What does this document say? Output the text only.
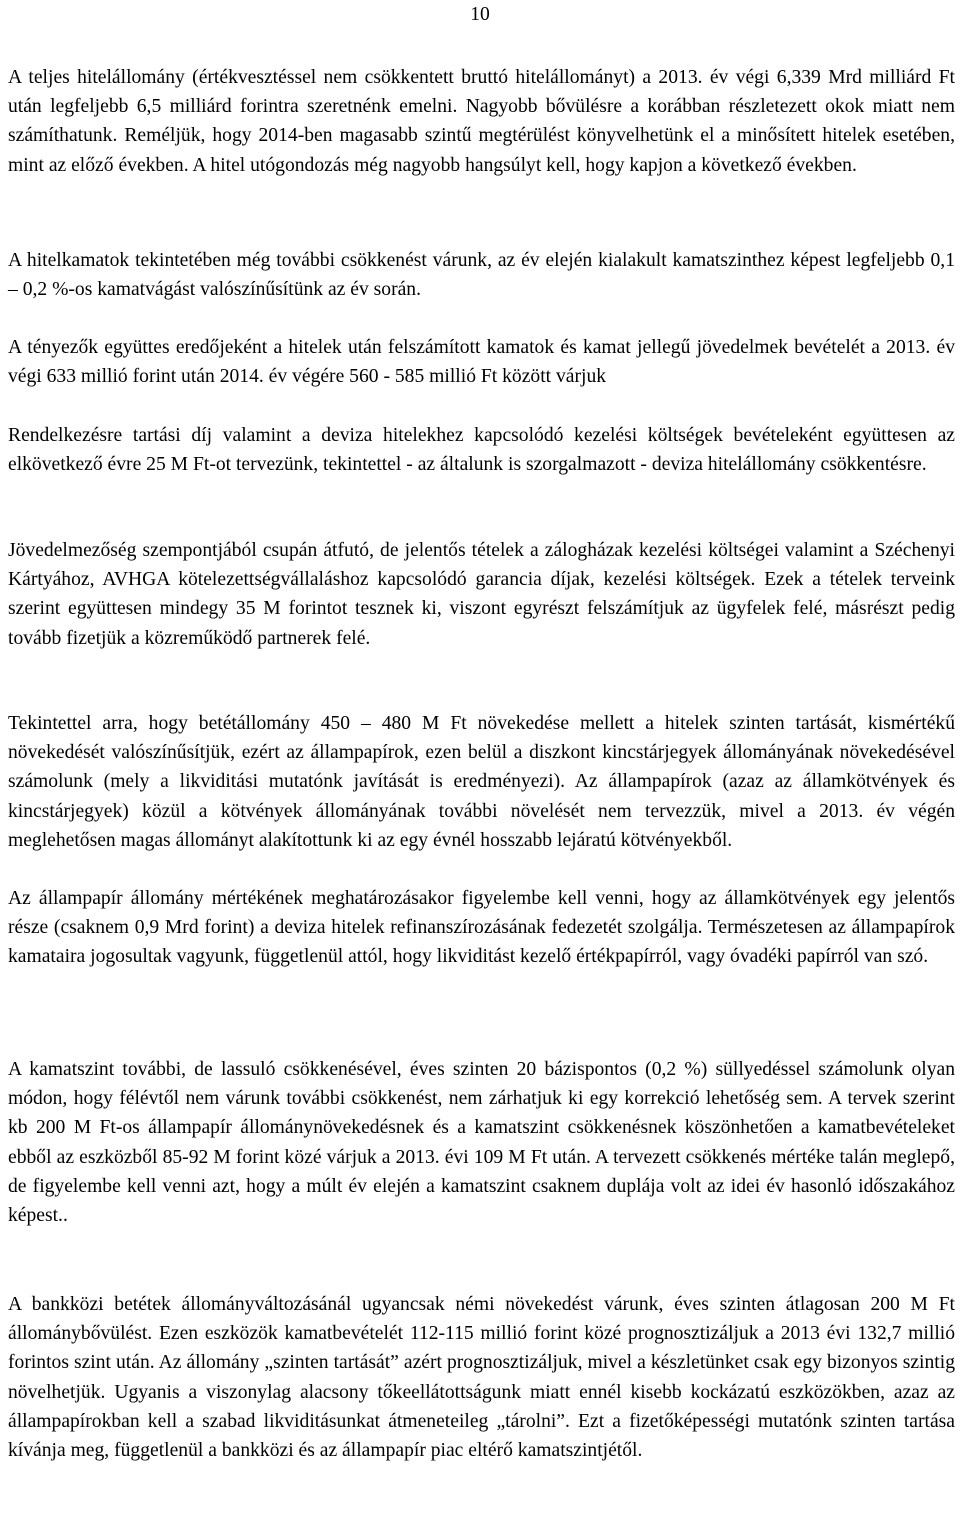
10

A teljes hitelállomány (értékvesztéssel nem csökkentett bruttó hitelállományt) a 2013. év végi 6,339 Mrd milliárd Ft után legfeljebb 6,5 milliárd forintra szeretnénk emelni. Nagyobb bővülésre a korábban részletezett okok miatt nem számíthatunk. Reméljük, hogy 2014-ben magasabb szintű megtérülést könyvelhetünk el a minősített hitelek esetében, mint az előző években. A hitel utógondozás még nagyobb hangsúlyt kell, hogy kapjon a következő években.

A hitelkamatok tekintetében még további csökkenést várunk, az év elején kialakult kamatszinthez képest legfeljebb 0,1 – 0,2 %-os kamatvágást valószínűsítünk az év során.

A tényezők együttes eredőjeként a hitelek után felszámított kamatok és kamat jellegű jövedelmek bevételét a 2013. év végi 633 millió forint után 2014. év végére 560 - 585 millió Ft között várjuk

Rendelkezésre tartási díj valamint a deviza hitelekhez kapcsolódó kezelési költségek bevételeként együttesen az elkövetkező évre 25 M Ft-ot tervezünk, tekintettel - az általunk is szorgalmazott - deviza hitelállomány csökkentésre.

Jövedelmezőség szempontjából csupán átfutó, de jelentős tételek a zálogházak kezelési költségei valamint a Széchenyi Kártyához, AVHGA kötelezettségvállaláshoz kapcsolódó garancia díjak, kezelési költségek. Ezek a tételek terveink szerint együttesen mindegy 35 M forintot tesznek ki, viszont egyrészt felszámítjuk az ügyfelek felé, másrészt pedig tovább fizetjük a közreműködő partnerek felé.

Tekintettel arra, hogy betétállomány 450 – 480 M Ft növekedése mellett a hitelek szinten tartását, kismértékű növekedését valószínűsítjük, ezért az állampapírok, ezen belül a diszkont kincstárjegyek állományának növekedésével számolunk (mely a likviditási mutatónk javítását is eredményezi). Az állampapírok (azaz az államkötvények és kincstárjegyek) közül a kötvények állományának további növelését nem tervezzük, mivel a 2013. év végén meglehetősen magas állományt alakítottunk ki az egy évnél hosszabb lejáratú kötvényekből.

Az állampapír állomány mértékének meghatározásakor figyelembe kell venni, hogy az államkötvények egy jelentős része (csaknem 0,9 Mrd forint) a deviza hitelek refinanszírozásának fedezetét szolgálja. Természetesen az állampapírok kamataira jogosultak vagyunk, függetlenül attól, hogy likviditást kezelő értékpapírról, vagy óvadéki papírról van szó.

A kamatszint további, de lassuló csökkenésével, éves szinten 20 bázispontos (0,2 %) süllyedéssel számolunk olyan módon, hogy félévtől nem várunk további csökkenést, nem zárhatjuk ki egy korrekció lehetőség sem. A tervek szerint kb 200 M Ft-os állampapír állománynövekedésnek és a kamatszint csökkenésnek köszönhetően a kamatbevételeket ebből az eszközből 85-92 M forint közé várjuk a 2013. évi 109 M Ft után. A tervezett csökkenés mértéke talán meglepő, de figyelembe kell venni azt, hogy a múlt év elején a kamatszint csaknem duplája volt az idei év hasonló időszakához képest..

A bankközi betétek állományváltozásánál ugyancsak némi növekedést várunk, éves szinten átlagosan 200 M Ft állománybővülést. Ezen eszközök kamatbevételét 112-115 millió forint közé prognosztizáljuk a 2013 évi 132,7 millió forintos szint után. Az állomány „szinten tartását” azért prognosztizáljuk, mivel a készletünket csak egy bizonyos szintig növelhetjük. Ugyanis a viszonylag alacsony tőkeellátottságunk miatt ennél kisebb kockázatú eszközökben, azaz az állampapírokban kell a szabad likviditásunkat átmeneteileg „tárolni”. Ezt a fizetőképességi mutatónk szinten tartása kívánja meg, függetlenül a bankközi és az állampapír piac eltérő kamatszintjétől.
